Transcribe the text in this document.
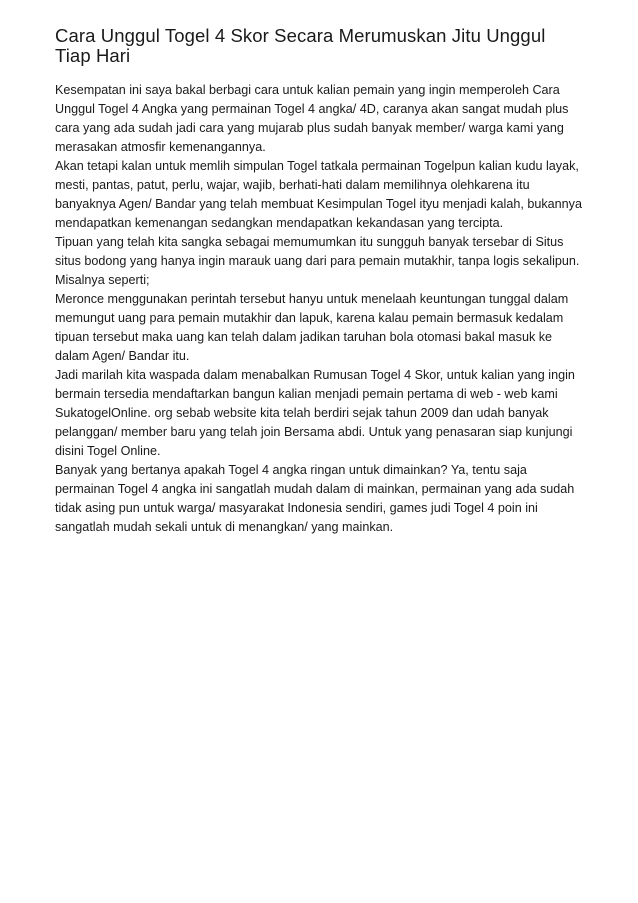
Cara Unggul Togel 4 Skor Secara Merumuskan Jitu Unggul Tiap Hari

Kesempatan ini saya bakal berbagi cara untuk kalian pemain yang ingin memperoleh Cara Unggul Togel 4 Angka yang permainan Togel 4 angka/ 4D, caranya akan sangat mudah plus cara yang ada sudah jadi cara yang mujarab plus sudah banyak member/ warga kami yang merasakan atmosfir kemenangannya.

Akan tetapi kalan untuk memlih simpulan Togel tatkala permainan Togelpun kalian kudu layak, mesti, pantas, patut, perlu, wajar, wajib, berhati-hati dalam memilihnya olehkarena itu banyaknya Agen/ Bandar yang telah membuat Kesimpulan Togel ityu menjadi kalah, bukannya mendapatkan kemenangan sedangkan mendapatkan kekandasan yang tercipta.

Tipuan yang telah kita sangka sebagai memumumkan itu sungguh banyak tersebar di Situs situs bodong yang hanya ingin marauk uang dari para pemain mutakhir, tanpa logis sekalipun. Misalnya seperti;

Meronce menggunakan perintah tersebut hanyu untuk menelaah keuntungan tunggal dalam memungut uang para pemain mutakhir dan lapuk, karena kalau pemain bermasuk kedalam tipuan tersebut maka uang kan telah dalam jadikan taruhan bola otomasi bakal masuk ke dalam Agen/ Bandar itu.

Jadi marilah kita waspada dalam menabalkan Rumusan Togel 4 Skor, untuk kalian yang ingin bermain tersedia mendaftarkan bangun kalian menjadi pemain pertama di web - web kami SukatogelOnline. org sebab website kita telah berdiri sejak tahun 2009 dan udah banyak pelanggan/ member baru yang telah join Bersama abdi. Untuk yang penasaran siap kunjungi disini Togel Online.

Banyak yang bertanya apakah Togel 4 angka ringan untuk dimainkan? Ya, tentu saja permainan Togel 4 angka ini sangatlah mudah dalam di mainkan, permainan yang ada sudah tidak asing pun untuk warga/ masyarakat Indonesia sendiri, games judi Togel 4 poin ini sangatlah mudah sekali untuk di menangkan/ yang mainkan.
